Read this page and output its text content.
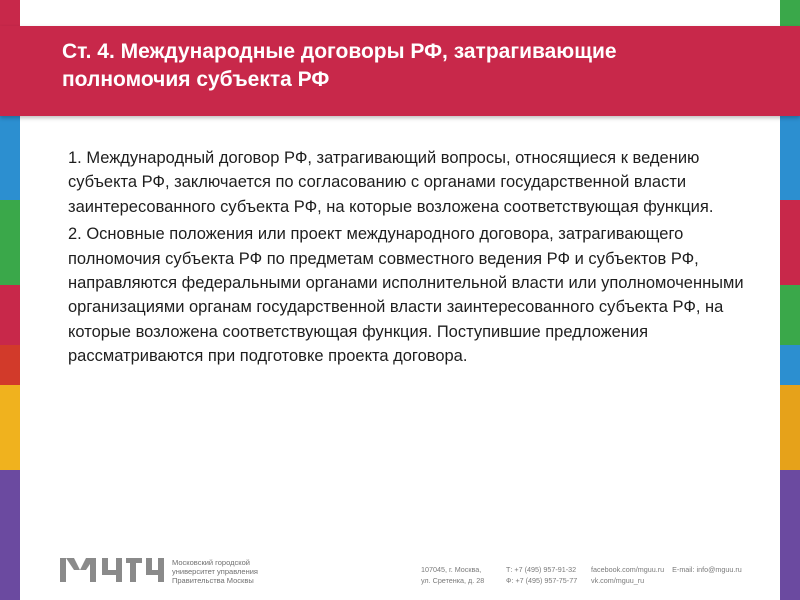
Ст. 4. Международные договоры РФ, затрагивающие полномочия субъекта РФ

1. Международный договор РФ, затрагивающий вопросы, относящиеся к ведению субъекта РФ, заключается по согласованию с органами государственной власти заинтересованного субъекта РФ, на которые возложена соответствующая функция.

2. Основные положения или проект международного договора, затрагивающего полномочия субъекта РФ по предметам совместного ведения РФ и субъектов РФ, направляются федеральными органами исполнительной власти или уполномоченными организациями органам государственной власти заинтересованного субъекта РФ, на которые возложена соответствующая функция. Поступившие предложения рассматриваются при подготовке проекта договора.

Московский городской
университет управления
Правительства Москвы
107045, г. Москва,
ул. Сретенка, д. 28
Т: +7 (495) 957-91-32
Ф: +7 (495) 957-75-77
facebook.com/mguu.ru E-mail: info@mguu.ru
vk.com/mguu_ru
